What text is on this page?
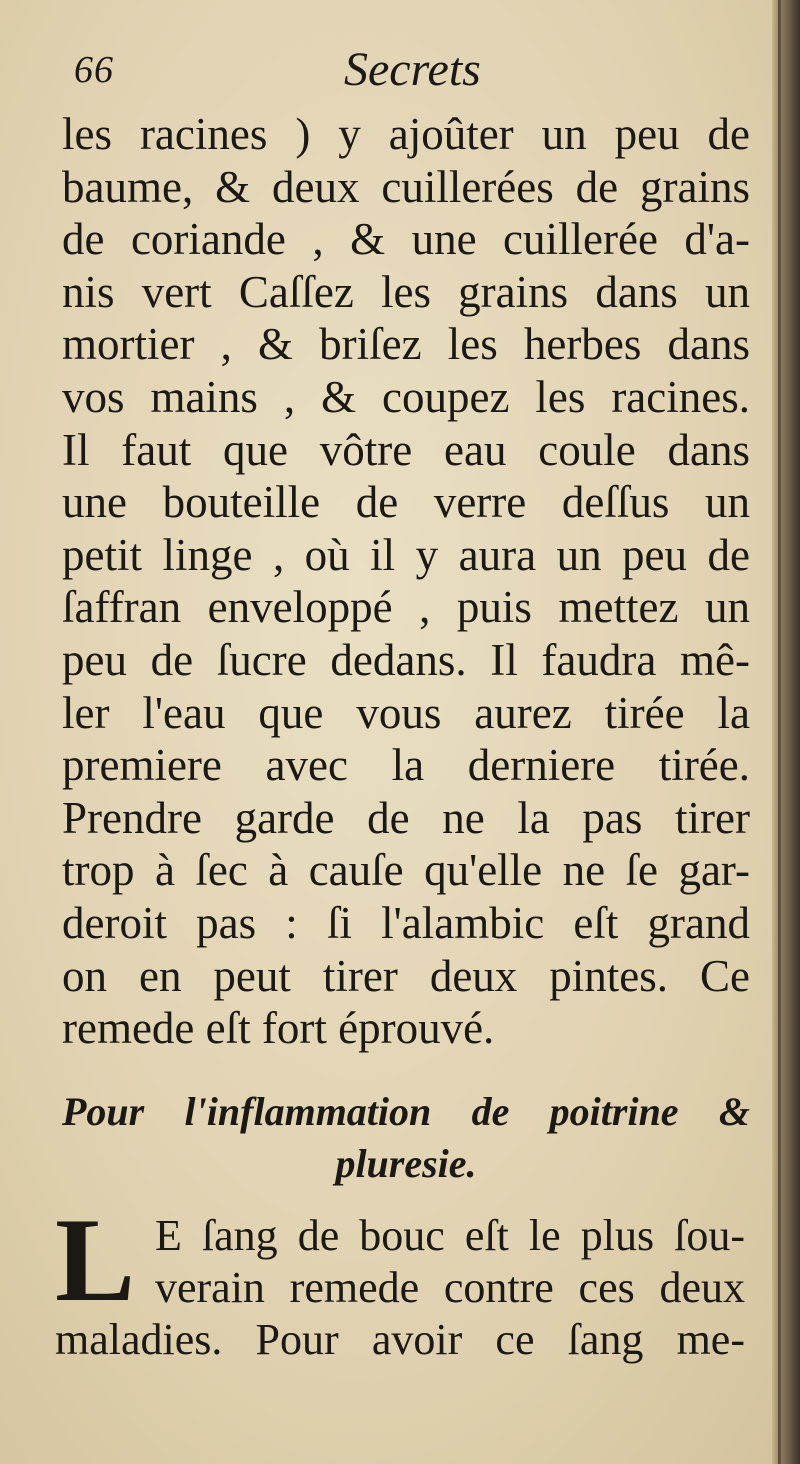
66	Secrets
les racines ) y ajoûter un peu de
baume, & deux cuillerées de grains
de coriande , & une cuillerée d'a-
nis vert Caſſez les grains dans un
mortier , & briſez les herbes dans
vos mains , & coupez les racines.
Il faut que vôtre eau coule dans
une bouteille de verre deſſus un
petit linge , où il y aura un peu de
ſaffran enveloppé , puis mettez un
peu de ſucre dedans. Il faudra mê-
ler l'eau que vous aurez tirée la
premiere avec la derniere tirée.
Prendre garde de ne la pas tirer
trop à ſec à cauſe qu'elle ne ſe gar-
deroit pas : ſi l'alambic eſt grand
on en peut tirer deux pintes. Ce
remede eſt fort éprouvé.
Pour l'inflammation de poitrine &
pluresie.
L E ſang de bouc eſt le plus ſou-
verain remede contre ces deux
maladies. Pour avoir ce ſang me-
